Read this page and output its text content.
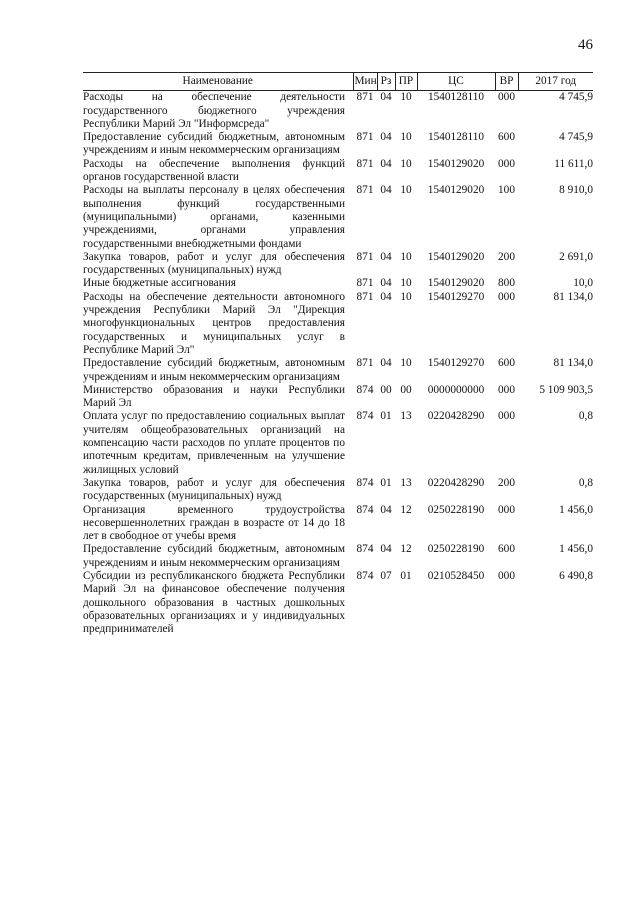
46
Наименование	Мин	Рз	ПР	ЦС	ВР	2017 год
Расходы на обеспечение деятельности государственного бюджетного учреждения Республики Марий Эл "Информсреда"	871	04	10	1540128110	000	4 745,9
Предоставление субсидий бюджетным, автономным учреждениям и иным некоммерческим организациям	871	04	10	1540128110	600	4 745,9
Расходы на обеспечение выполнения функций органов государственной власти	871	04	10	1540129020	000	11 611,0
Расходы на выплаты персоналу в целях обеспечения выполнения функций государственными (муниципальными) органами, казенными учреждениями, органами управления государственными внебюджетными фондами	871	04	10	1540129020	100	8 910,0
Закупка товаров, работ и услуг для обеспечения государственных (муниципальных) нужд	871	04	10	1540129020	200	2 691,0
Иные бюджетные ассигнования	871	04	10	1540129020	800	10,0
Расходы на обеспечение деятельности автономного учреждения Республики Марий Эл "Дирекция многофункциональных центров предоставления государственных и муниципальных услуг в Республике Марий Эл"	871	04	10	1540129270	000	81 134,0
Предоставление субсидий бюджетным, автономным учреждениям и иным некоммерческим организациям	871	04	10	1540129270	600	81 134,0
Министерство образования и науки Республики Марий Эл	874	00	00	0000000000	000	5 109 903,5
Оплата услуг по предоставлению социальных выплат учителям общеобразовательных организаций на компенсацию части расходов по уплате процентов по ипотечным кредитам, привлеченным на улучшение жилищных условий	874	01	13	0220428290	000	0,8
Закупка товаров, работ и услуг для обеспечения государственных (муниципальных) нужд	874	01	13	0220428290	200	0,8
Организация временного трудоустройства несовершеннолетних граждан в возрасте от 14 до 18 лет в свободное от учебы время	874	04	12	0250228190	000	1 456,0
Предоставление субсидий бюджетным, автономным учреждениям и иным некоммерческим организациям	874	04	12	0250228190	600	1 456,0
Субсидии из республиканского бюджета Республики Марий Эл на финансовое обеспечение получения дошкольного образования в частных дошкольных образовательных организациях и у индивидуальных предпринимателей	874	07	01	0210528450	000	6 490,8
